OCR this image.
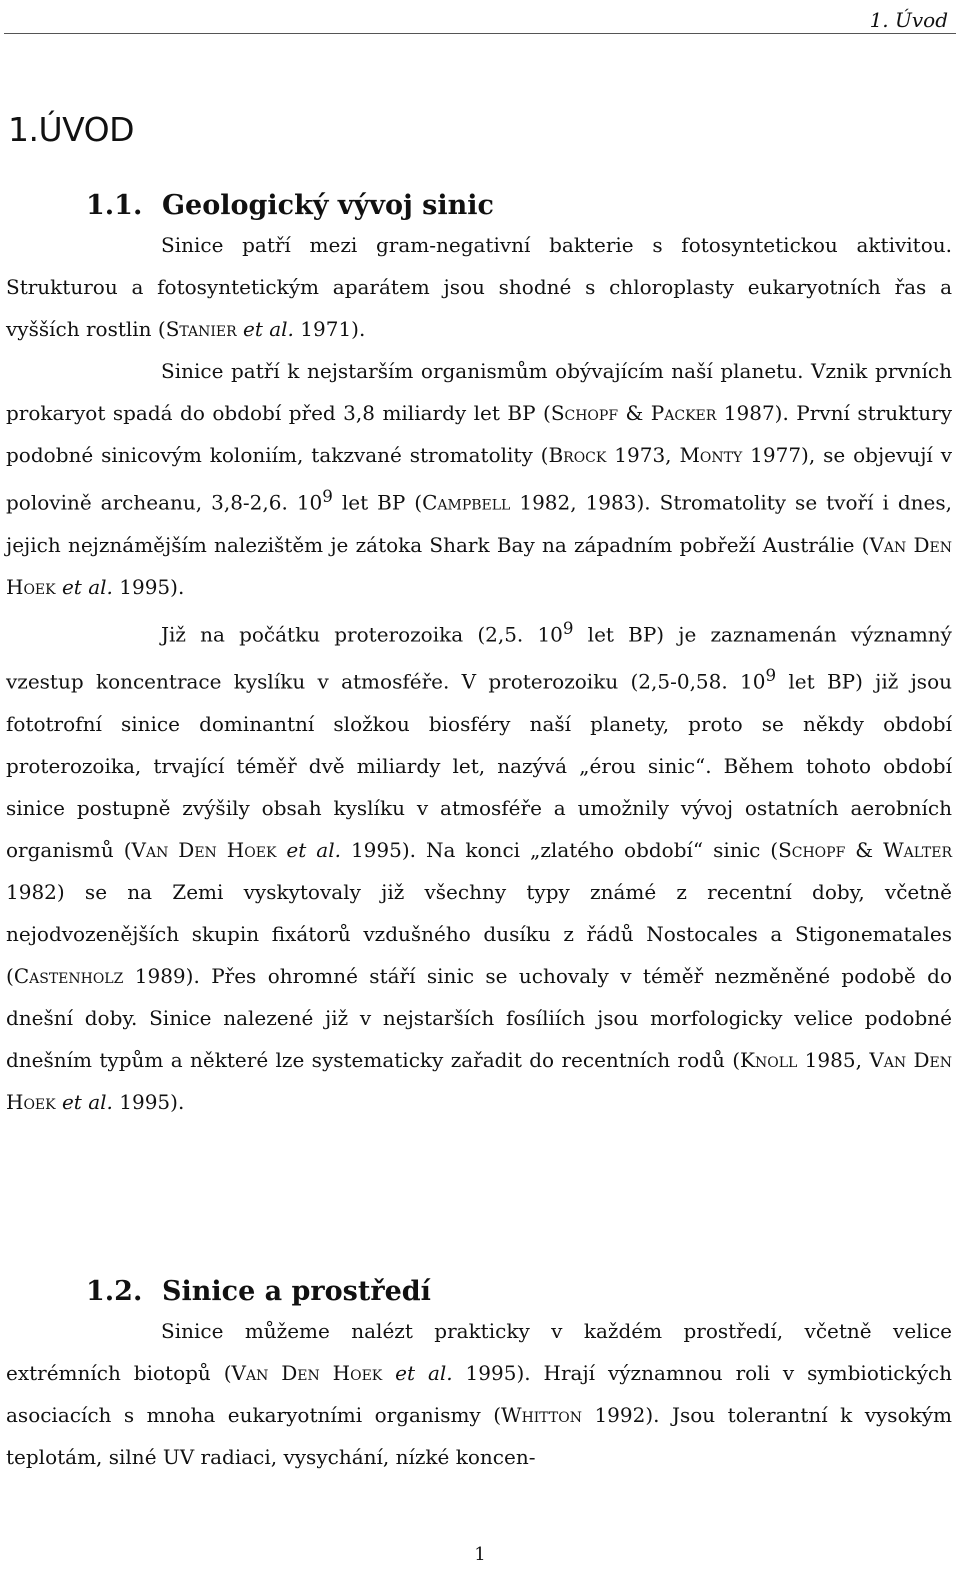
1. Úvod
1.ÚVOD
1.1. Geologický vývoj sinic

Sinice patří mezi gram-negativní bakterie s fotosyntetickou aktivitou. Strukturou a fotosyntetickým aparátem jsou shodné s chloroplasty eukaryotních řas a vyšších rostlin (Stanier et al. 1971).

Sinice patří k nejstarším organismům obývajícím naší planetu. Vznik prvních prokaryot spadá do období před 3,8 miliardy let BP (Schopf & Packer 1987). První struktury podobné sinicovým koloniím, takzvané stromatolity (Brock 1973, Monty 1977), se objevují v polovině archeanu, 3,8-2,6. $10^9$ let BP (Campbell 1982, 1983). Stromatolity se tvoří i dnes, jejich nejznámějším nalezištěm je zátoka Shark Bay na západním pobřeží Austrálie (Van Den Hoek et al. 1995).

Již na počátku proterozoika (2,5. $10^9$ let BP) je zaznamenán významný vzestup koncentrace kyslíku v atmosféře. V proterozoiku (2,5-0,58. $10^9$ let BP) již jsou fototrofní sinice dominantní složkou biosféry naší planety, proto se někdy období proterozoika, trvající téměř dvě miliardy let, nazývá „érou sinic“. Během tohoto období sinice postupně zvýšily obsah kyslíku v atmosféře a umožnily vývoj ostatních aerobních organismů (Van Den Hoek et al. 1995). Na konci „zlatého období“ sinic (Schopf & Walter 1982) se na Zemi vyskytovaly již všechny typy známé z recentní doby, včetně nejodvozenějších skupin fixátorů vzdušného dusíku z řádů Nostocales a Stigonematales (Castenholz 1989). Přes ohromné stáří sinic se uchovaly v téměř nezměněné podobě do dnešní doby. Sinice nalezené již v nejstarších fosíliích jsou morfologicky velice podobné dnešním typům a některé lze systematicky zařadit do recentních rodů (Knoll 1985, Van Den Hoek et al. 1995).

1.2. Sinice a prostředí

Sinice můžeme nalézt prakticky v každém prostředí, včetně velice extrémních biotopů (Van Den Hoek et al. 1995). Hrají významnou roli v symbiotických asociacích s mnoha eukaryotními organismy (Whitton 1992). Jsou tolerantní k vysokým teplotám, silné UV radiaci, vysychání, nízké koncen-

1
